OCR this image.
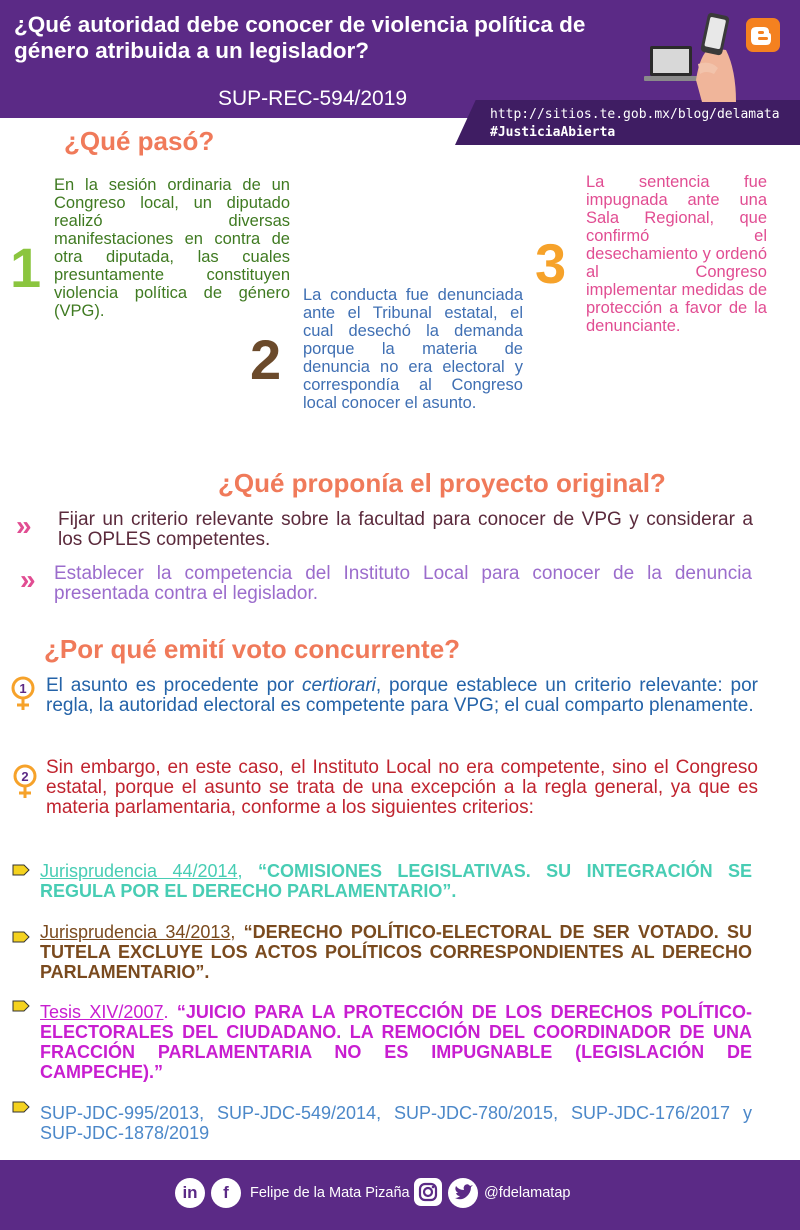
¿Qué autoridad debe conocer de violencia política de género atribuida a un legislador?
SUP-REC-594/2019
http://sitios.te.gob.mx/blog/delamata
#JusticiaAbierta
¿Qué pasó?
1
En la sesión ordinaria de un Congreso local, un diputado realizó diversas manifestaciones en contra de otra diputada, las cuales presuntamente constituyen violencia política de género (VPG).
2
La conducta fue denunciada ante el Tribunal estatal, el cual desechó la demanda porque la materia de denuncia no era electoral y correspondía al Congreso local conocer el asunto.
3
La sentencia fue impugnada ante una Sala Regional, que confirmó el desechamiento y ordenó al Congreso implementar medidas de protección a favor de la denunciante.
¿Qué proponía el proyecto original?
» Fijar un criterio relevante sobre la facultad para conocer de VPG y considerar a los OPLES competentes.
» Establecer la competencia del Instituto Local para conocer de la denuncia presentada contra el legislador.
¿Por qué emití voto concurrente?
1 El asunto es procedente por certiorari, porque establece un criterio relevante: por regla, la autoridad electoral es competente para VPG; el cual comparto plenamente.
2 Sin embargo, en este caso, el Instituto Local no era competente, sino el Congreso estatal, porque el asunto se trata de una excepción a la regla general, ya que es materia parlamentaria, conforme a los siguientes criterios:
Jurisprudencia 44/2014, “COMISIONES LEGISLATIVAS. SU INTEGRACIÓN SE REGULA POR EL DERECHO PARLAMENTARIO”.
Jurisprudencia 34/2013, “DERECHO POLÍTICO-ELECTORAL DE SER VOTADO. SU TUTELA EXCLUYE LOS ACTOS POLÍTICOS CORRESPONDIENTES AL DERECHO PARLAMENTARIO”.
Tesis XIV/2007. “JUICIO PARA LA PROTECCIÓN DE LOS DERECHOS POLÍTICO-ELECTORALES DEL CIUDADANO. LA REMOCIÓN DEL COORDINADOR DE UNA FRACCIÓN PARLAMENTARIA NO ES IMPUGNABLE (LEGISLACIÓN DE CAMPECHE).”
SUP-JDC-995/2013, SUP-JDC-549/2014, SUP-JDC-780/2015, SUP-JDC-176/2017 y SUP-JDC-1878/2019
in	f	Felipe de la Mata Pizaña	@fdelamatap
